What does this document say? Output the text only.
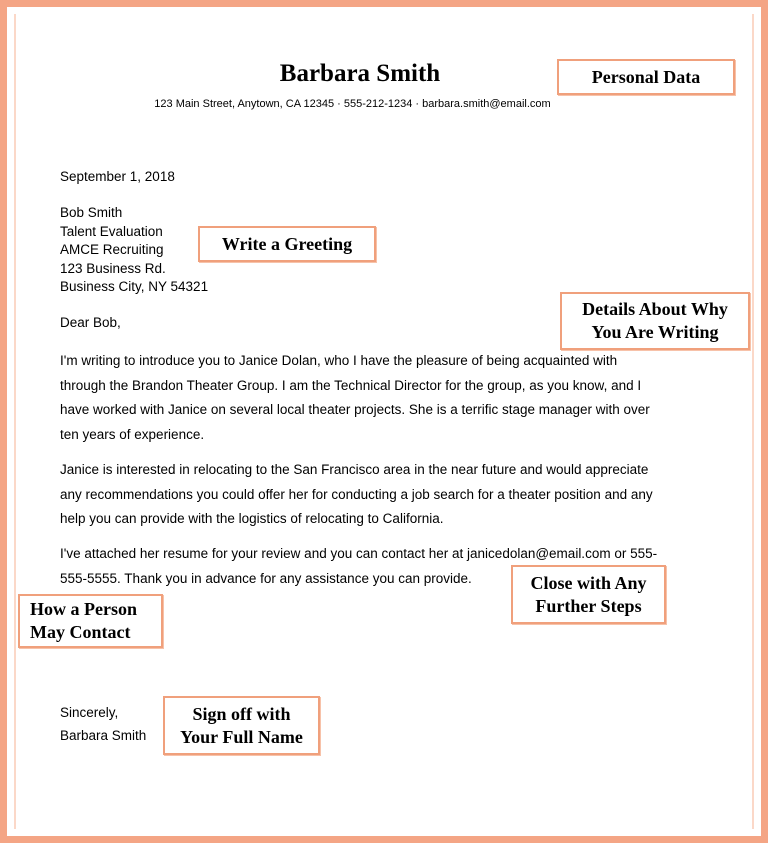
Barbara Smith
123 Main Street, Anytown, CA 12345 · 555-212-1234 · barbara.smith@email.com
September 1, 2018
Bob Smith
Talent Evaluation
AMCE Recruiting
123 Business Rd.
Business City, NY 54321
Dear Bob,
I'm writing to introduce you to Janice Dolan, who I have the pleasure of being acquainted with through the Brandon Theater Group. I am the Technical Director for the group, as you know, and I have worked with Janice on several local theater projects. She is a terrific stage manager with over ten years of experience.
Janice is interested in relocating to the San Francisco area in the near future and would appreciate any recommendations you could offer her for conducting a job search for a theater position and any help you can provide with the logistics of relocating to California.
I've attached her resume for your review and you can contact her at janicedolan@email.com or 555-555-5555. Thank you in advance for any assistance you can provide.
Sincerely,
Barbara Smith
Personal Data
Write a Greeting
Details About Why
You Are Writing
Close with Any
Further Steps
How a Person
May Contact
Sign off with
Your Full Name
